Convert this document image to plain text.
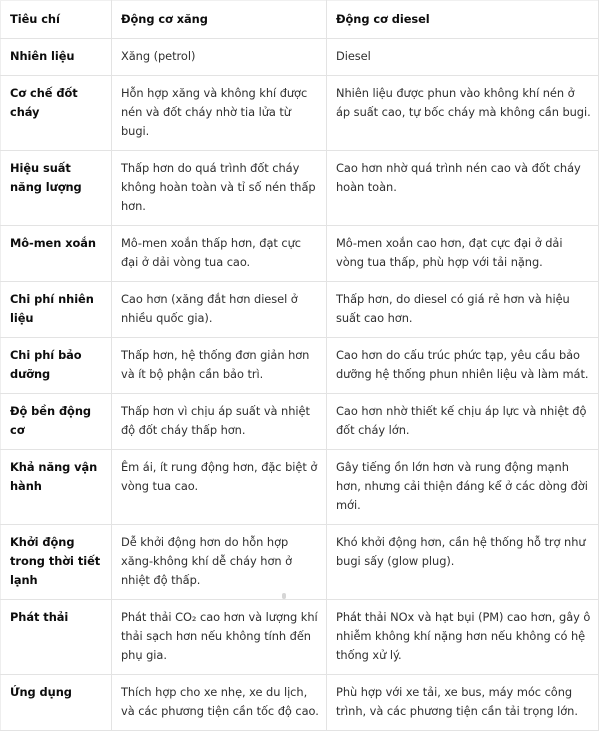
Tiêu chí	Động cơ xăng	Động cơ diesel
Nhiên liệu	Xăng (petrol)	Diesel
Cơ chế đốt cháy	Hỗn hợp xăng và không khí được nén và đốt cháy nhờ tia lửa từ bugi.	Nhiên liệu được phun vào không khí nén ở áp suất cao, tự bốc cháy mà không cần bugi.
Hiệu suất năng lượng	Thấp hơn do quá trình đốt cháy không hoàn toàn và tỉ số nén thấp hơn.	Cao hơn nhờ quá trình nén cao và đốt cháy hoàn toàn.
Mô-men xoắn	Mô-men xoắn thấp hơn, đạt cực đại ở dải vòng tua cao.	Mô-men xoắn cao hơn, đạt cực đại ở dải vòng tua thấp, phù hợp với tải nặng.
Chi phí nhiên liệu	Cao hơn (xăng đắt hơn diesel ở nhiều quốc gia).	Thấp hơn, do diesel có giá rẻ hơn và hiệu suất cao hơn.
Chi phí bảo dưỡng	Thấp hơn, hệ thống đơn giản hơn và ít bộ phận cần bảo trì.	Cao hơn do cấu trúc phức tạp, yêu cầu bảo dưỡng hệ thống phun nhiên liệu và làm mát.
Độ bền động cơ	Thấp hơn vì chịu áp suất và nhiệt độ đốt cháy thấp hơn.	Cao hơn nhờ thiết kế chịu áp lực và nhiệt độ đốt cháy lớn.
Khả năng vận hành	Êm ái, ít rung động hơn, đặc biệt ở vòng tua cao.	Gây tiếng ồn lớn hơn và rung động mạnh hơn, nhưng cải thiện đáng kể ở các dòng đời mới.
Khởi động trong thời tiết lạnh	Dễ khởi động hơn do hỗn hợp xăng-không khí dễ cháy hơn ở nhiệt độ thấp.	Khó khởi động hơn, cần hệ thống hỗ trợ như bugi sấy (glow plug).
Phát thải	Phát thải CO₂ cao hơn và lượng khí thải sạch hơn nếu không tính đến phụ gia.	Phát thải NOx và hạt bụi (PM) cao hơn, gây ô nhiễm không khí nặng hơn nếu không có hệ thống xử lý.
Ứng dụng	Thích hợp cho xe nhẹ, xe du lịch, và các phương tiện cần tốc độ cao.	Phù hợp với xe tải, xe bus, máy móc công trình, và các phương tiện cần tải trọng lớn.
